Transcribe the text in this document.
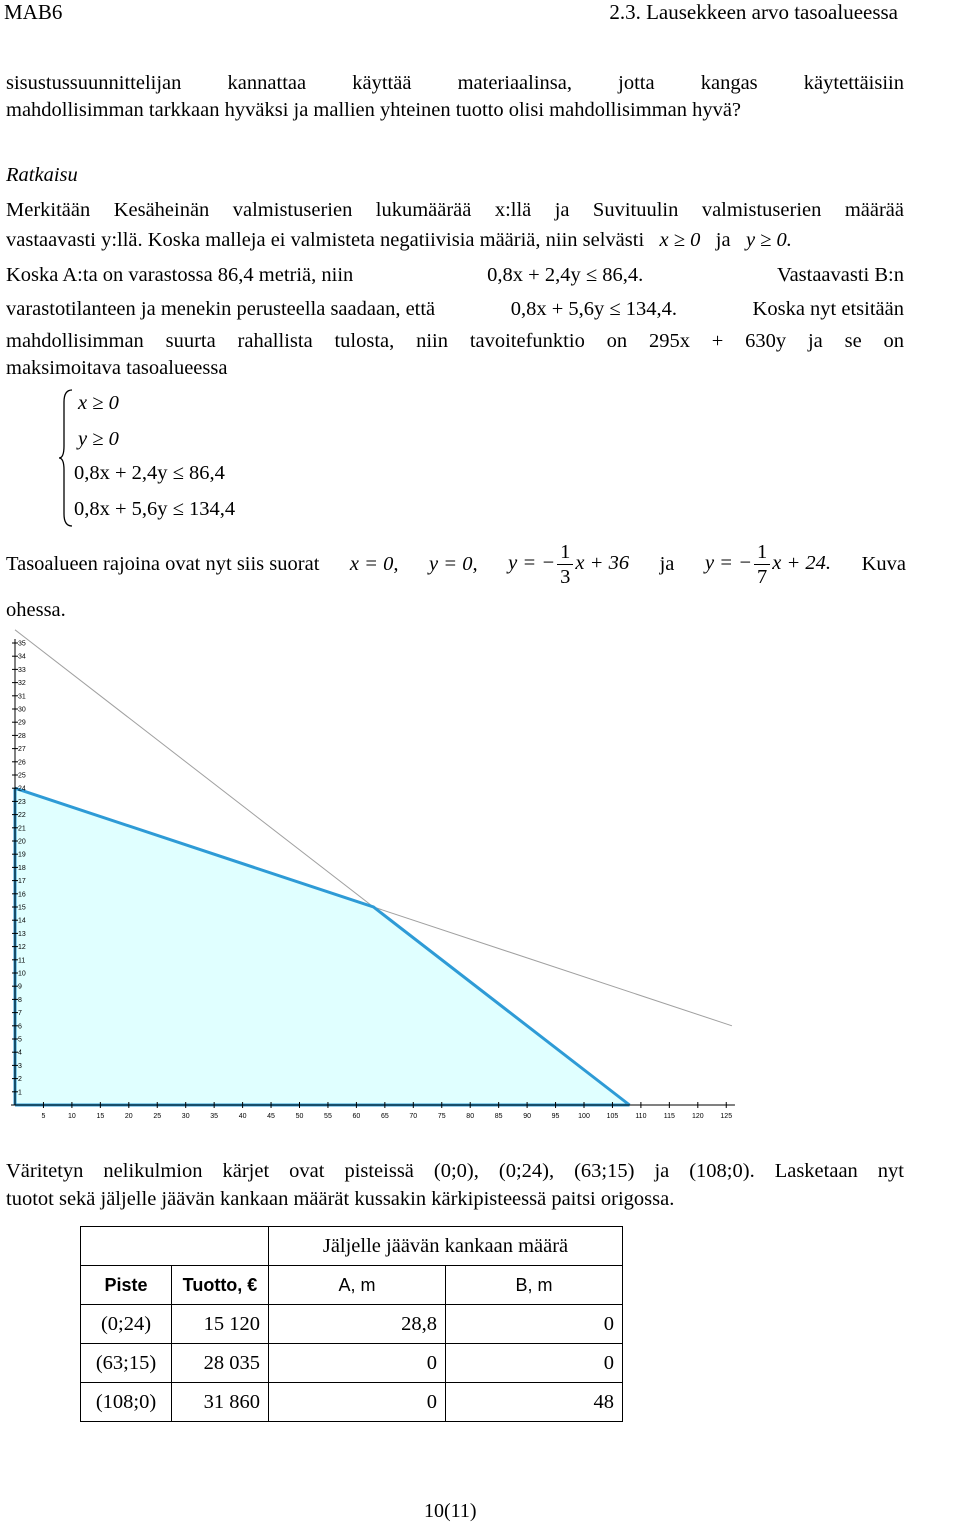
MAB6	2.3. Lausekkeen arvo tasoalueessa
sisustussuunnittelijan kannattaa käyttää materiaalinsa, jotta kangas käytettäisiin
mahdollisimman tarkkaan hyväksi ja mallien yhteinen tuotto olisi mahdollisimman hyvä?
Ratkaisu
Merkitään Kesäheinän valmistuserien lukumäärää x:llä ja Suvituulin valmistuserien määrää
vastaavasti y:llä. Koska malleja ei valmisteta negatiivisia määriä, niin selvästi x ≥ 0 ja y ≥ 0.
Koska A:ta on varastossa 86,4 metriä, niin	0,8x + 2,4y ≤ 86,4.	Vastaavasti B:n
varastotilanteen ja menekin perusteella saadaan, että	0,8x + 5,6y ≤ 134,4.	Koska nyt etsitään
mahdollisimman suurta rahallista tulosta, niin tavoitefunktio on 295x + 630y ja se on
maksimoitava tasoalueessa
x ≥ 0
y ≥ 0
0,8x + 2,4y ≤ 86,4
0,8x + 5,6y ≤ 134,4
Tasoalueen rajoina ovat nyt siis suorat x = 0, y = 0, y = − $\frac{1}{3}$ x + 36 ja y = − $\frac{1}{7}$ x + 24. Kuva
ohessa.
1
2
3
4
5
6
7
8
9
10
11
12
13
14
15
16
17
18
19
20
21
22
23
24
25
26
27
28
29
30
31
32
33
34
35
5	10	15	20	25	30	35	40	45	50	55	60	65	70	75	80	85	90	95	100 105 110 115 120 125
Väritetyn nelikulmion kärjet ovat pisteissä (0;0), (0;24), (63;15) ja (108;0). Lasketaan nyt
tuotot sekä jäljelle jäävän kankaan määrät kussakin kärkipisteessä paitsi origossa.
		Jäljelle jäävän kankaan määrä	
Piste	Tuotto, €	A, m	B, m
(0;24)	15 120	28,8	0
(63;15)	28 035	0	0
(108;0)	31 860	0	48
10(11)
